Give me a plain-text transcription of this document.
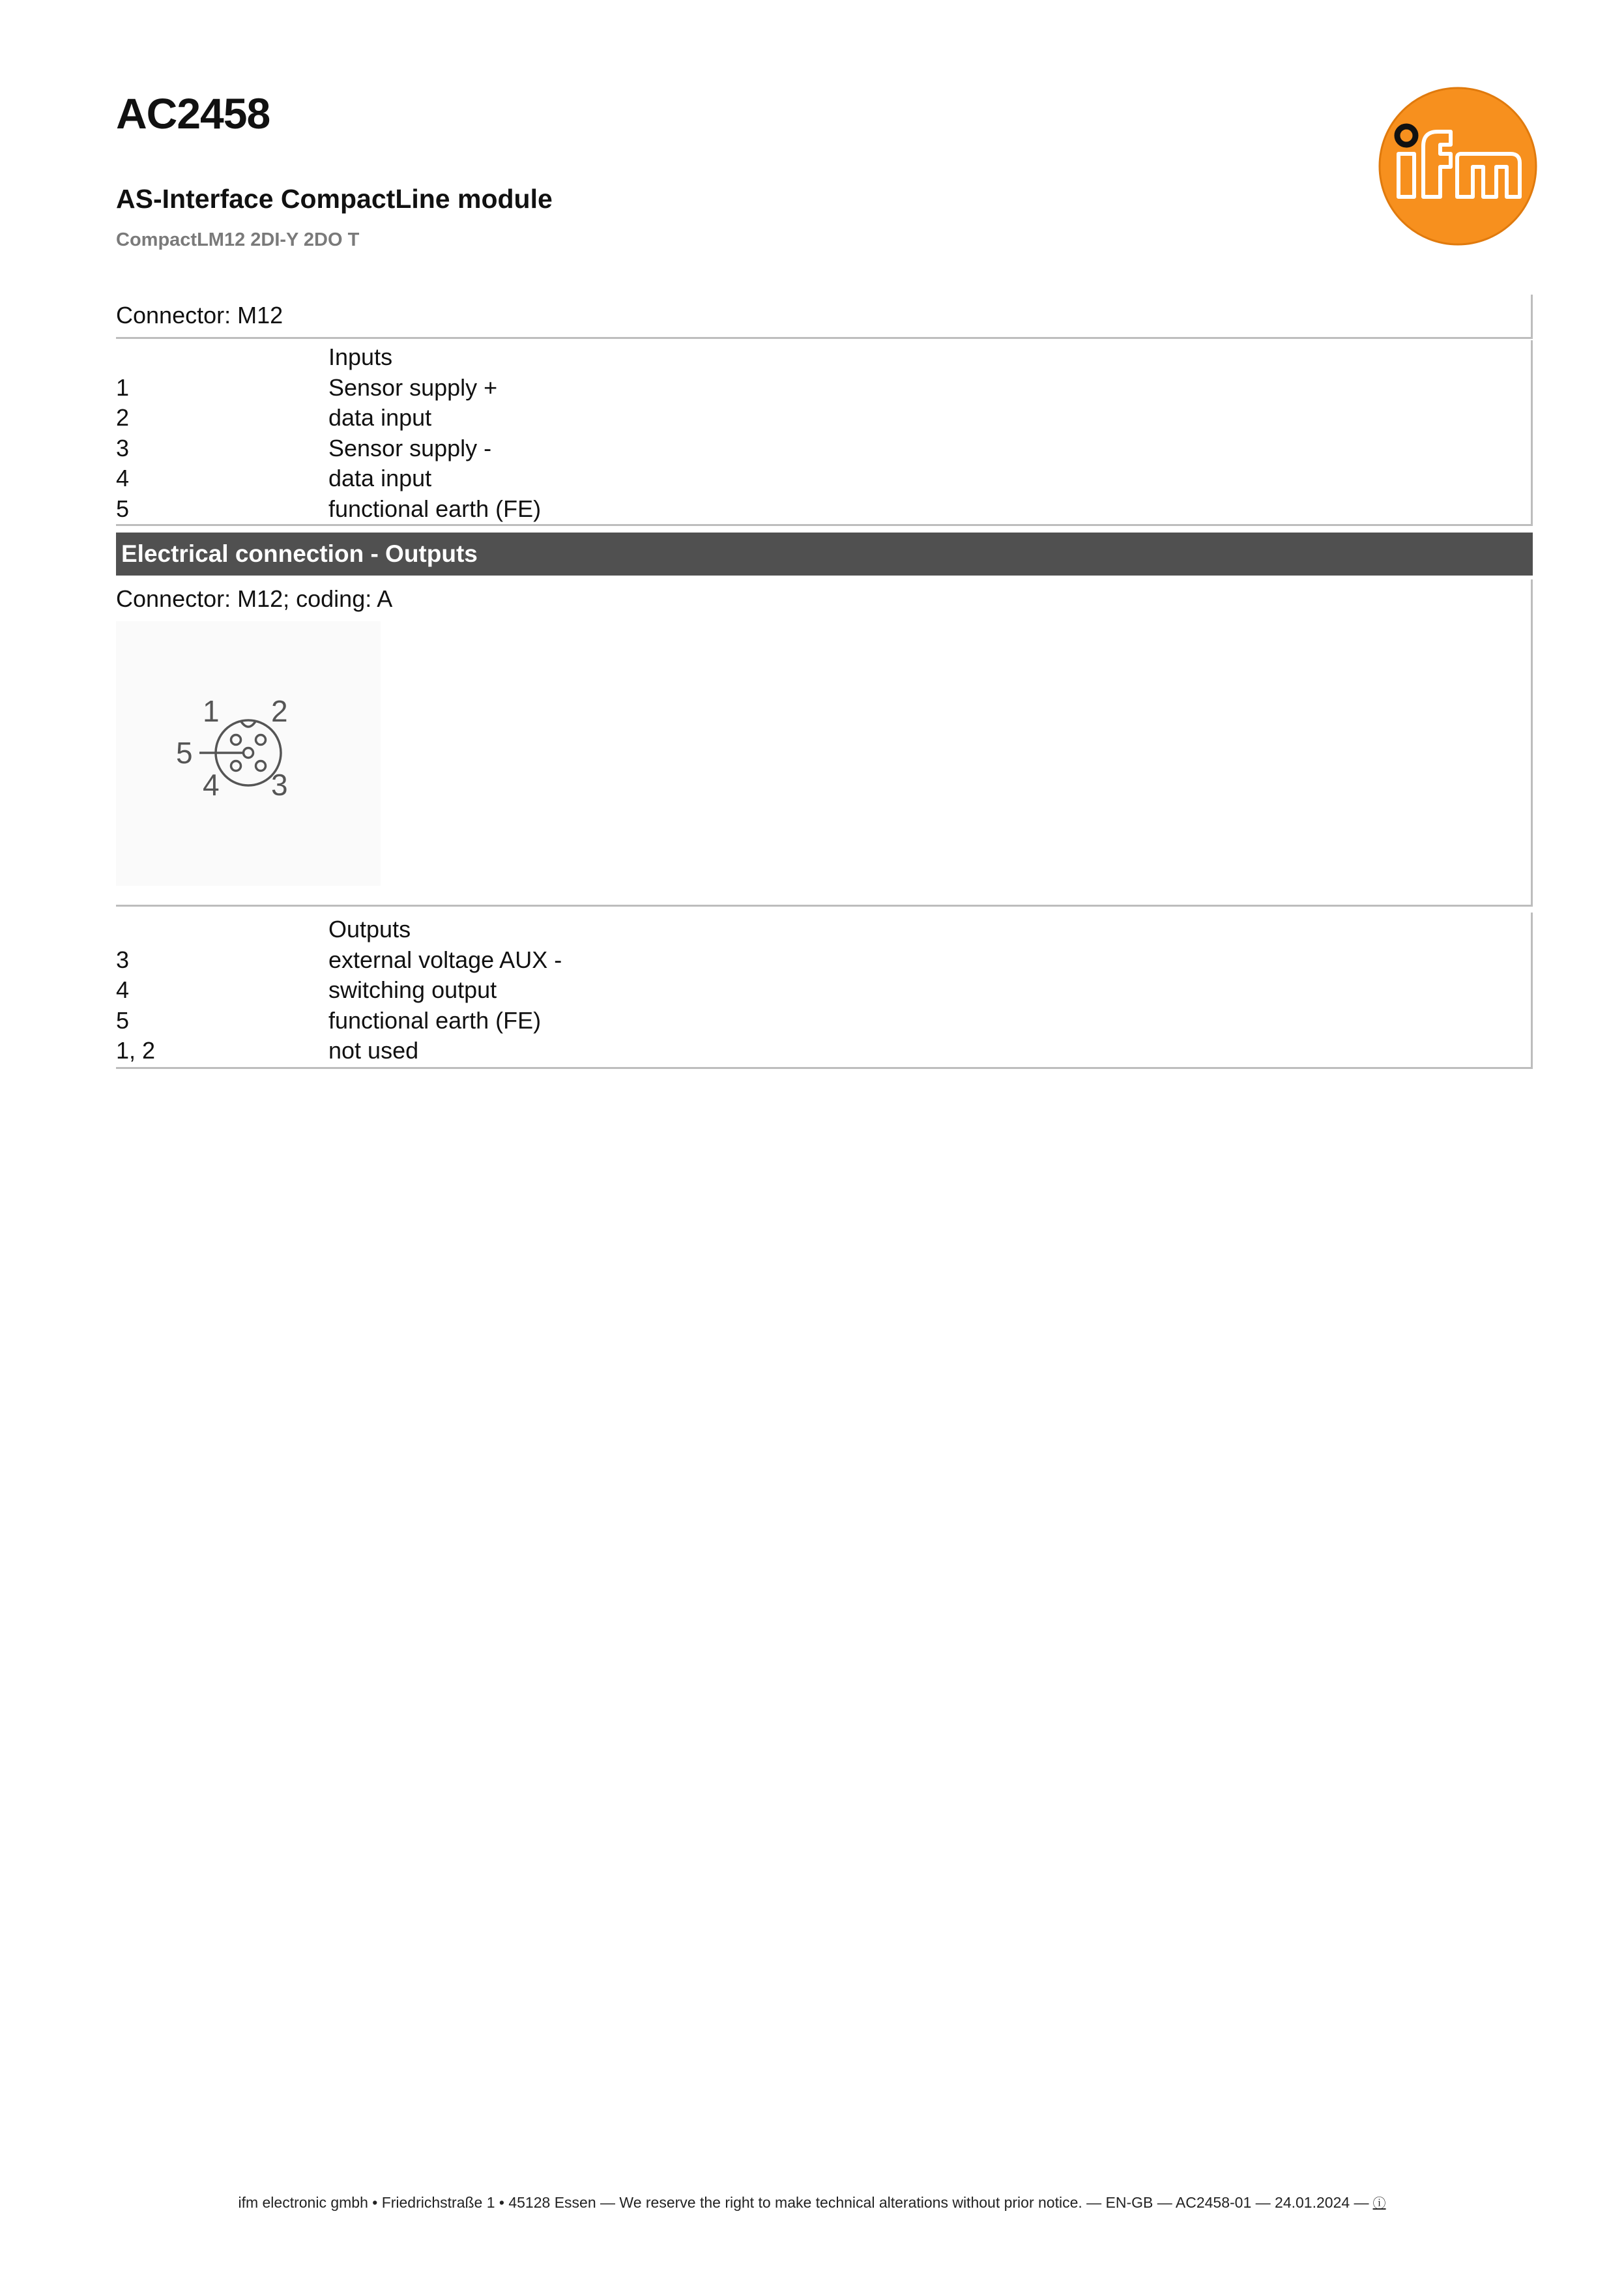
AC2458
AS-Interface CompactLine module
CompactLM12 2DI-Y 2DO T
Connector: M12
Inputs
1	Sensor supply +
2	data input
3	Sensor supply -
4	data input
5	functional earth (FE)
Electrical connection - Outputs
Connector: M12; coding: A
1 2
3
4
5
Outputs
3	external voltage AUX -
4	switching output
5	functional earth (FE)
1, 2	not used
ifm electronic gmbh • Friedrichstraße 1 • 45128 Essen — We reserve the right to make technical alterations without prior notice. — EN-GB — AC2458-01 — 24.01.2024 — ⓘ
